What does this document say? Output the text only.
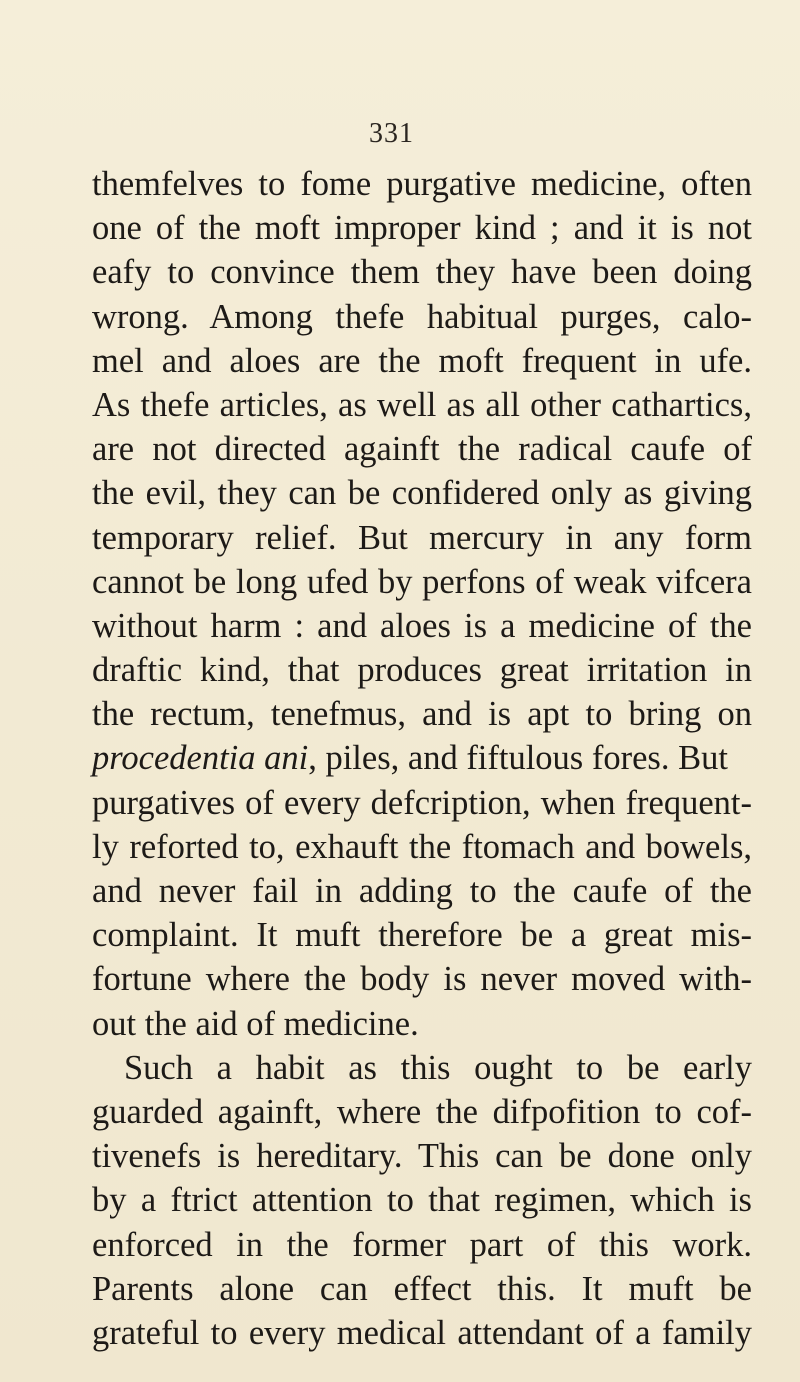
331
themfelves to fome purgative medicine, often
one of the moft improper kind ; and it is not
eafy to convince them they have been doing
wrong. Among thefe habitual purges, calo-
mel and aloes are the moft frequent in ufe.
As thefe articles, as well as all other cathartics,
are not directed againft the radical caufe of
the evil, they can be confidered only as giving
temporary relief. But mercury in any form
cannot be long ufed by perfons of weak vifcera
without harm : and aloes is a medicine of the
draftic kind, that produces great irritation in
the rectum, tenefmus, and is apt to bring on
procedentia ani, piles, and fiftulous fores. But
purgatives of every defcription, when frequent-
ly reforted to, exhauft the ftomach and bowels,
and never fail in adding to the caufe of the
complaint. It muft therefore be a great mis-
fortune where the body is never moved with-
out the aid of medicine.
Such a habit as this ought to be early
guarded againft, where the difpofition to cof-
tivenefs is hereditary. This can be done only
by a ftrict attention to that regimen, which is
enforced in the former part of this work.
Parents alone can effect this. It muft be
grateful to every medical attendant of a family
